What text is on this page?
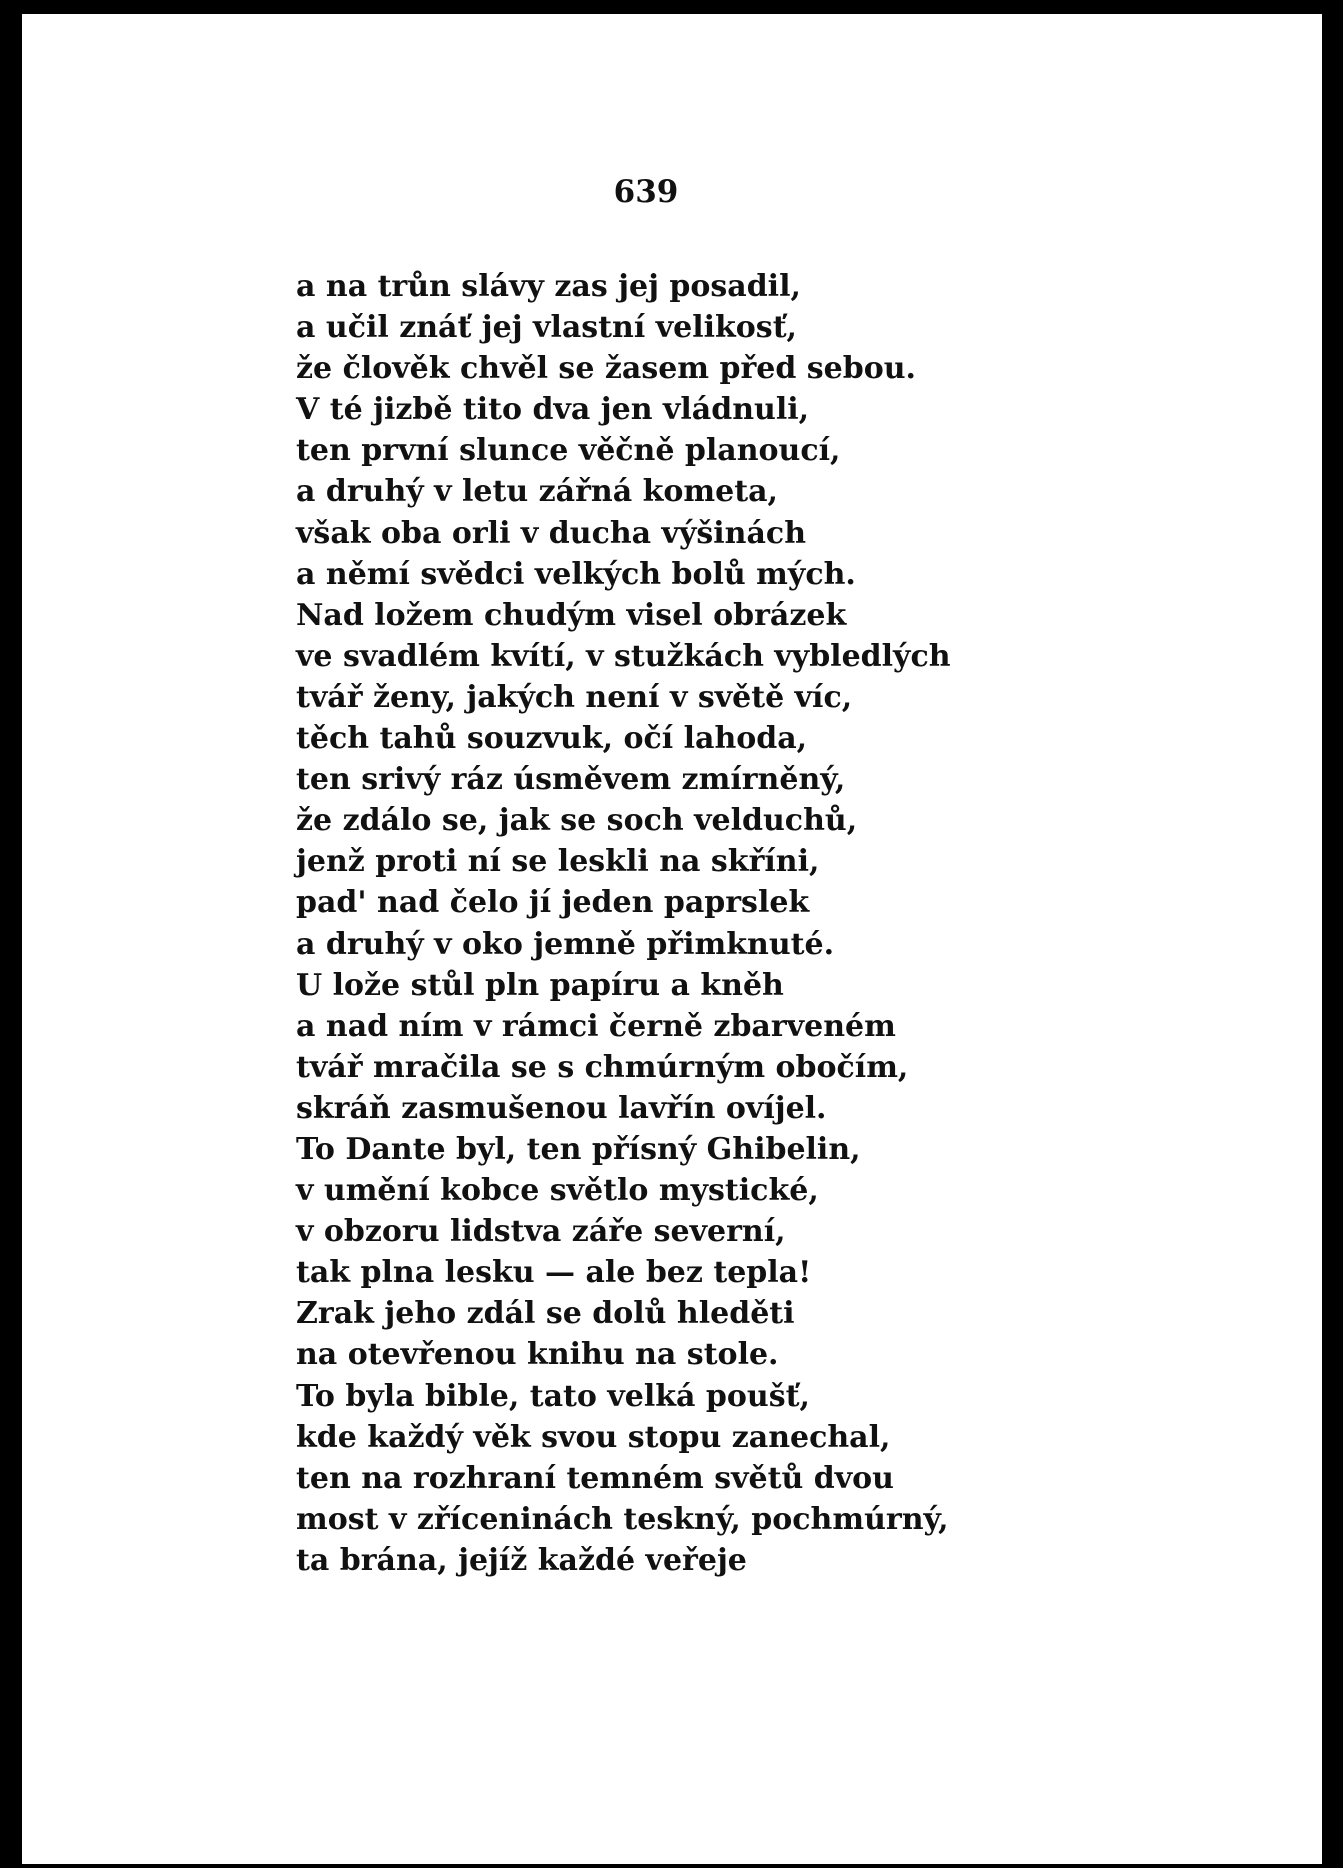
639
a na trůn slávy zas jej posadil,
a učil znáť jej vlastní velikosť,
že člověk chvěl se žasem před sebou.
V té jizbě tito dva jen vládnuli,
ten první slunce věčně planoucí,
a druhý v letu zářná kometa,
však oba orli v ducha výšinách
a němí svědci velkých bolů mých.
Nad ložem chudým visel obrázek
ve svadlém kvítí, v stužkách vybledlých
tvář ženy, jakých není v světě víc,
těch tahů souzvuk, očí lahoda,
ten srivý ráz úsměvem zmírněný,
že zdálo se, jak se soch velduchů,
jenž proti ní se leskli na skříni,
pad' nad čelo jí jeden paprslek
a druhý v oko jemně přimknuté.
U lože stůl pln papíru a kněh
a nad ním v rámci černě zbarveném
tvář mračila se s chmúrným obočím,
skráň zasmušenou lavřín ovíjel.
To Dante byl, ten přísný Ghibelin,
v umění kobce světlo mystické,
v obzoru lidstva záře severní,
tak plna lesku — ale bez tepla!
Zrak jeho zdál se dolů hleděti
na otevřenou knihu na stole.
To byla bible, tato velká poušť,
kde každý věk svou stopu zanechal,
ten na rozhraní temném světů dvou
most v zříceninách teskný, pochmúrný,
ta brána, jejíž každé veřeje
